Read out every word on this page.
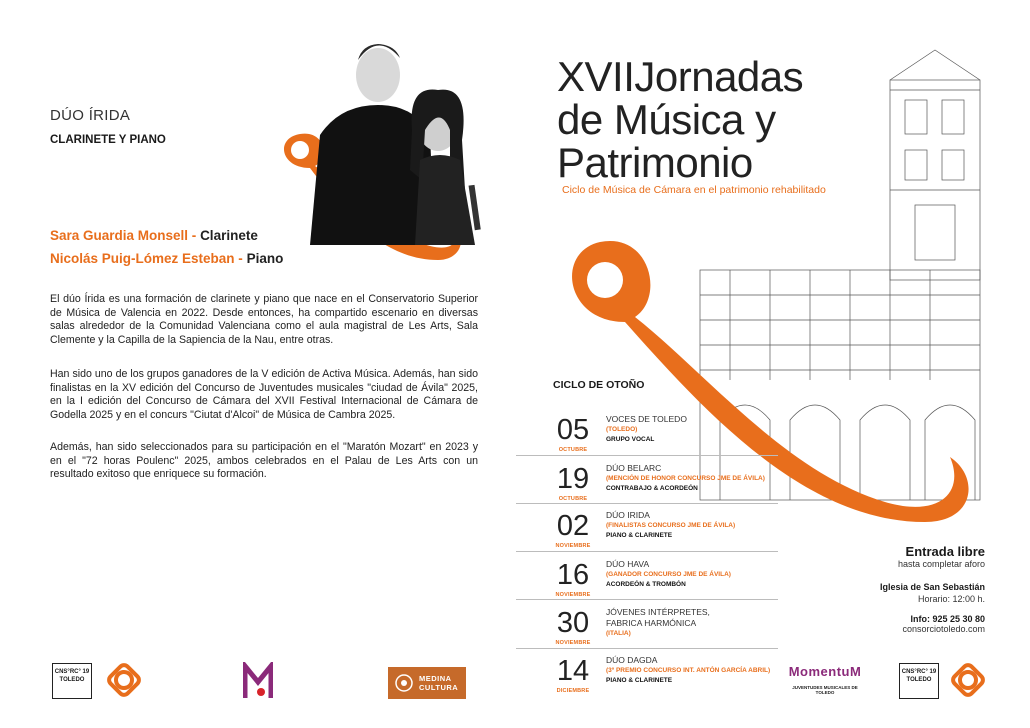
DÚO ÍRIDA
CLARINETE Y PIANO
Sara Guardia Monsell - Clarinete
Nicolás Puig-Lómez Esteban - Piano

El dúo Írida es una formación de clarinete y piano que nace en el Conservatorio Superior de Música de Valencia en 2022. Desde entonces, ha compartido escenario en diversas salas alrededor de la Comunidad Valenciana como el aula magistral de Les Arts, Sala Clemente y la Capilla de la Sapiencia de la Nau, entre otras.

Han sido uno de los grupos ganadores de la V edición de Activa Música. Además, han sido finalistas en la XV edición del Concurso de Juventudes musicales "ciudad de Ávila" 2025, en la I edición del Concurso de Cámara del XVII Festival Internacional de Cámara de Godella 2025 y en el concurs "Ciutat d'Alcoi" de Música de Cambra 2025.

Además, han sido seleccionados para su participación en el "Maratón Mozart" en 2023 y en el "72 horas Poulenc" 2025, ambos celebrados en el Palau de Les Arts con un resultado exitoso que enriquece su formación.

XVIIJornadas
de Música y
Patrimonio
Ciclo de Música de Cámara en el patrimonio rehabilitado
CICLO DE OTOÑO
05
OCTUBRE
VOCES DE TOLEDO
(TOLEDO)
GRUPO VOCAL
19
OCTUBRE
DÚO BELARC
(MENCIÓN DE HONOR CONCURSO JME DE ÁVILA)
CONTRABAJO & ACORDEÓN
02
NOVIEMBRE
DÚO IRIDA
(FINALISTAS CONCURSO JME DE ÁVILA)
PIANO & CLARINETE
16
NOVIEMBRE
DÚO HAVA
(GANADOR CONCURSO JME DE ÁVILA)
ACORDEÓN & TROMBÓN
30
NOVIEMBRE
JÓVENES INTÉRPRETES, FABRICA HARMÓNICA
(ITALIA)
14
DICIEMBRE
DÚO DAGDA
(3º PREMIO CONCURSO INT. ANTÓN GARCÍA ABRIL)
PIANO & CLARINETE
Entrada libre
hasta completar aforo
Iglesia de San Sebastián
Horario: 12:00 h.
Info: 925 25 30 80
consorciotoledo.com
CNS°RC° 19 TOLEDO	MEDINA
CULTURA
MomentuM
JUVENTUDES MUSICALES DE TOLEDO
CNS°RC° 19 TOLEDO
